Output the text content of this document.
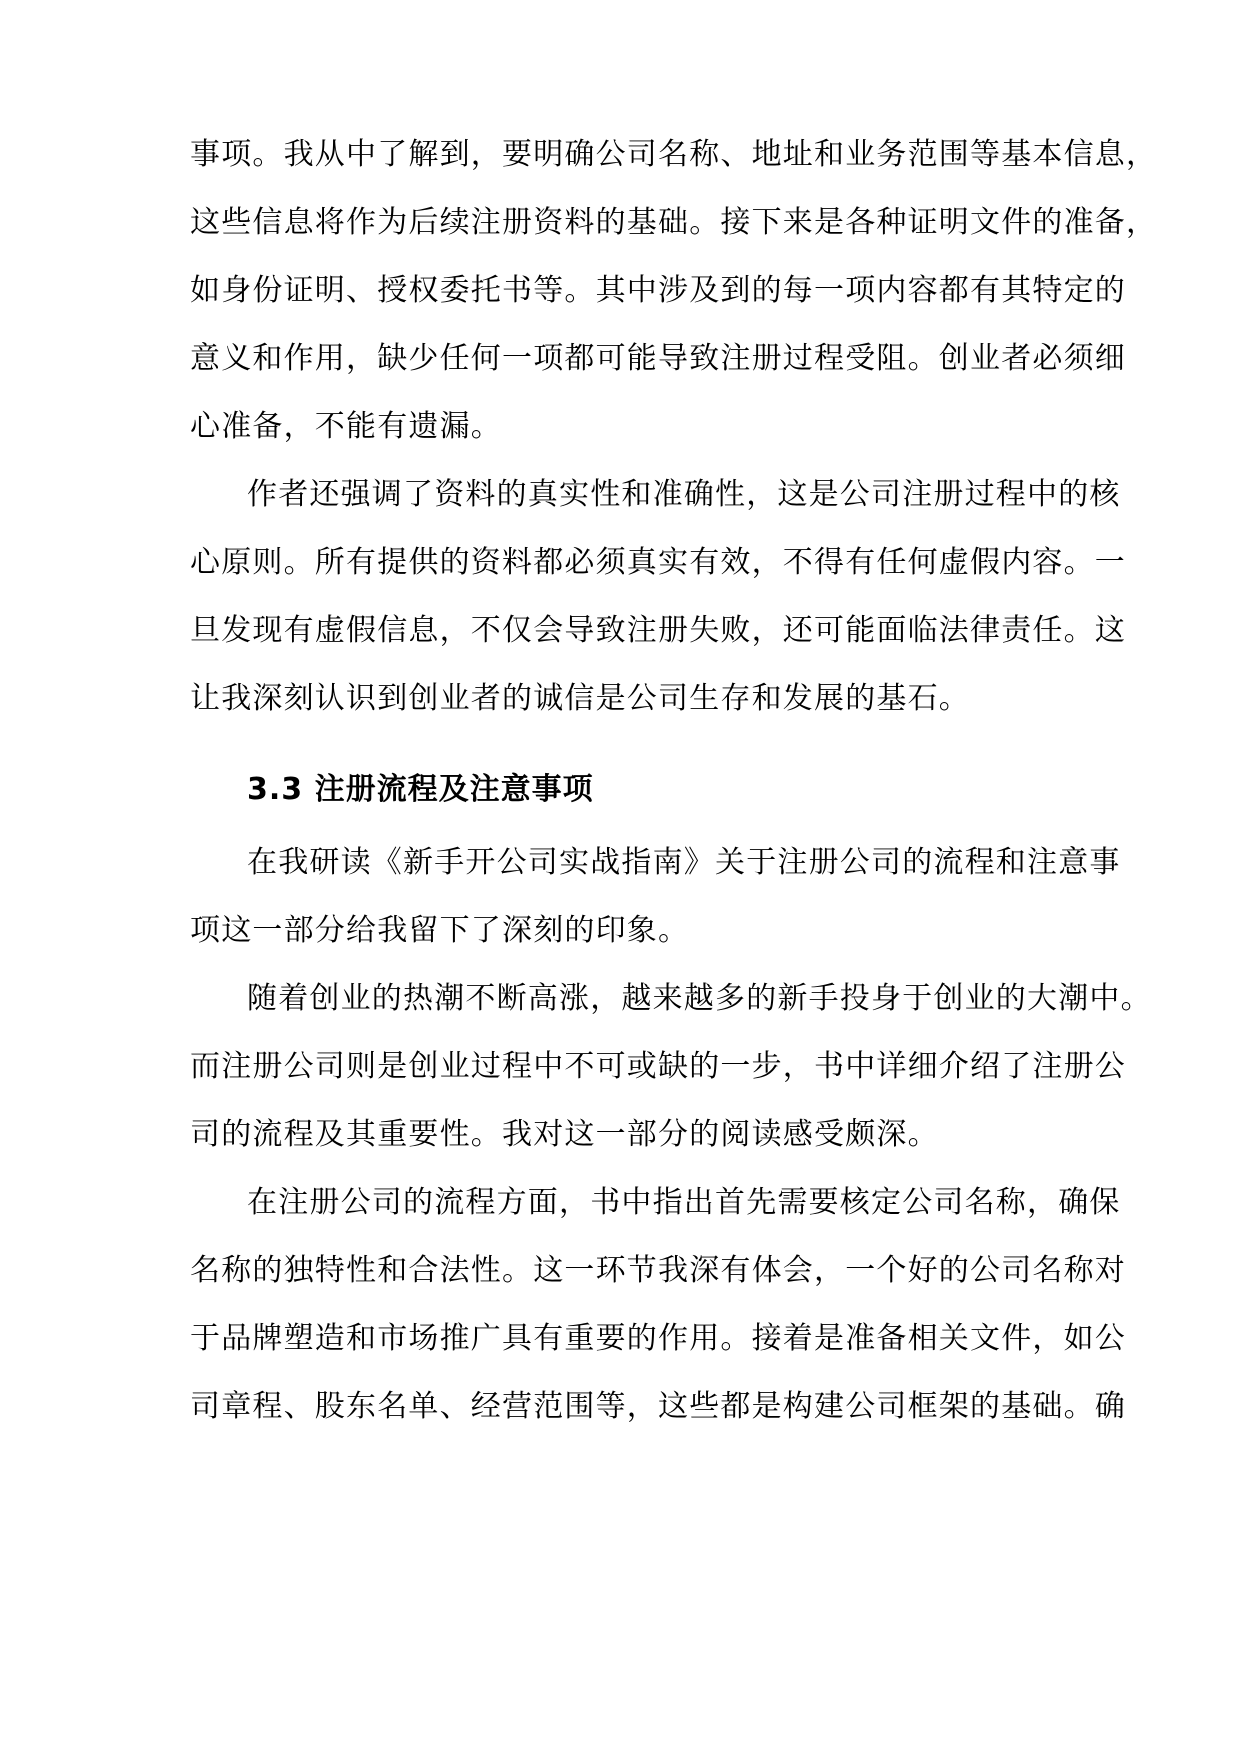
事项。我从中了解到，要明确公司名称、地址和业务范围等基本信息，
这些信息将作为后续注册资料的基础。接下来是各种证明文件的准备，
如身份证明、授权委托书等。其中涉及到的每一项内容都有其特定的
意义和作用，缺少任何一项都可能导致注册过程受阻。创业者必须细
心准备，不能有遗漏。
作者还强调了资料的真实性和准确性，这是公司注册过程中的核
心原则。所有提供的资料都必须真实有效，不得有任何虚假内容。一
旦发现有虚假信息，不仅会导致注册失败，还可能面临法律责任。这
让我深刻认识到创业者的诚信是公司生存和发展的基石。
3.3 注册流程及注意事项
在我研读《新手开公司实战指南》关于注册公司的流程和注意事
项这一部分给我留下了深刻的印象。
随着创业的热潮不断高涨，越来越多的新手投身于创业的大潮中。
而注册公司则是创业过程中不可或缺的一步，书中详细介绍了注册公
司的流程及其重要性。我对这一部分的阅读感受颇深。
在注册公司的流程方面，书中指出首先需要核定公司名称，确保
名称的独特性和合法性。这一环节我深有体会，一个好的公司名称对
于品牌塑造和市场推广具有重要的作用。接着是准备相关文件，如公
司章程、股东名单、经营范围等，这些都是构建公司框架的基础。确
